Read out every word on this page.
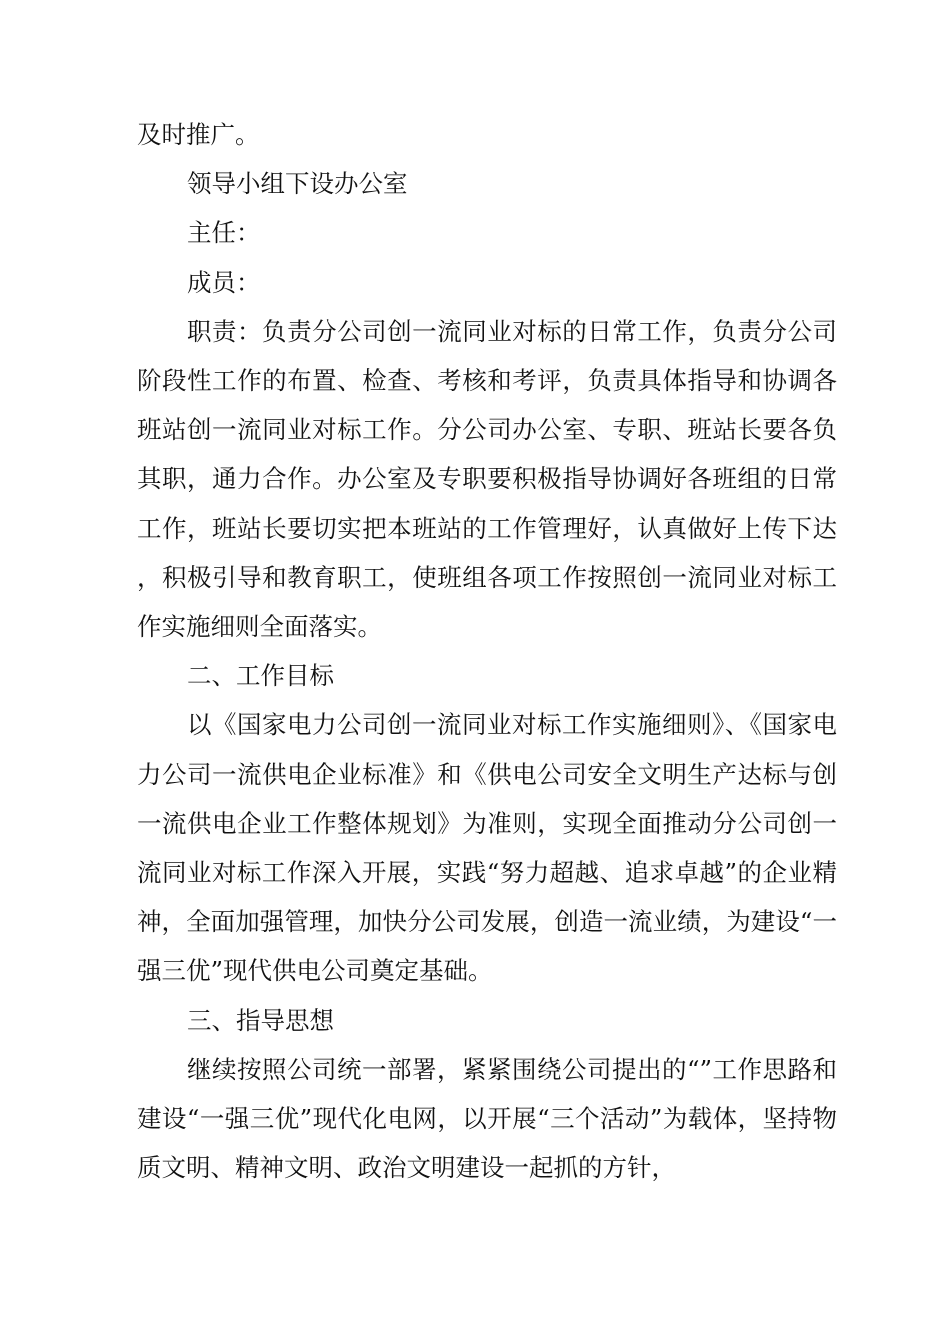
及时推广。

领导小组下设办公室

主任：

成员：

职责：负责分公司创一流同业对标的日常工作，负责分公司阶段性工作的布置、检查、考核和考评，负责具体指导和协调各班站创一流同业对标工作。分公司办公室、专职、班站长要各负其职，通力合作。办公室及专职要积极指导协调好各班组的日常工作，班站长要切实把本班站的工作管理好，认真做好上传下达，积极引导和教育职工，使班组各项工作按照创一流同业对标工作实施细则全面落实。

二、工作目标

以《国家电力公司创一流同业对标工作实施细则》、《国家电力公司一流供电企业标准》和《供电公司安全文明生产达标与创一流供电企业工作整体规划》为准则，实现全面推动分公司创一流同业对标工作深入开展，实践“努力超越、追求卓越”的企业精神，全面加强管理，加快分公司发展，创造一流业绩，为建设“一强三优”现代供电公司奠定基础。

三、指导思想

继续按照公司统一部署，紧紧围绕公司提出的“”工作思路和建设“一强三优”现代化电网，以开展“三个活动”为载体，坚持物质文明、精神文明、政治文明建设一起抓的方针，
